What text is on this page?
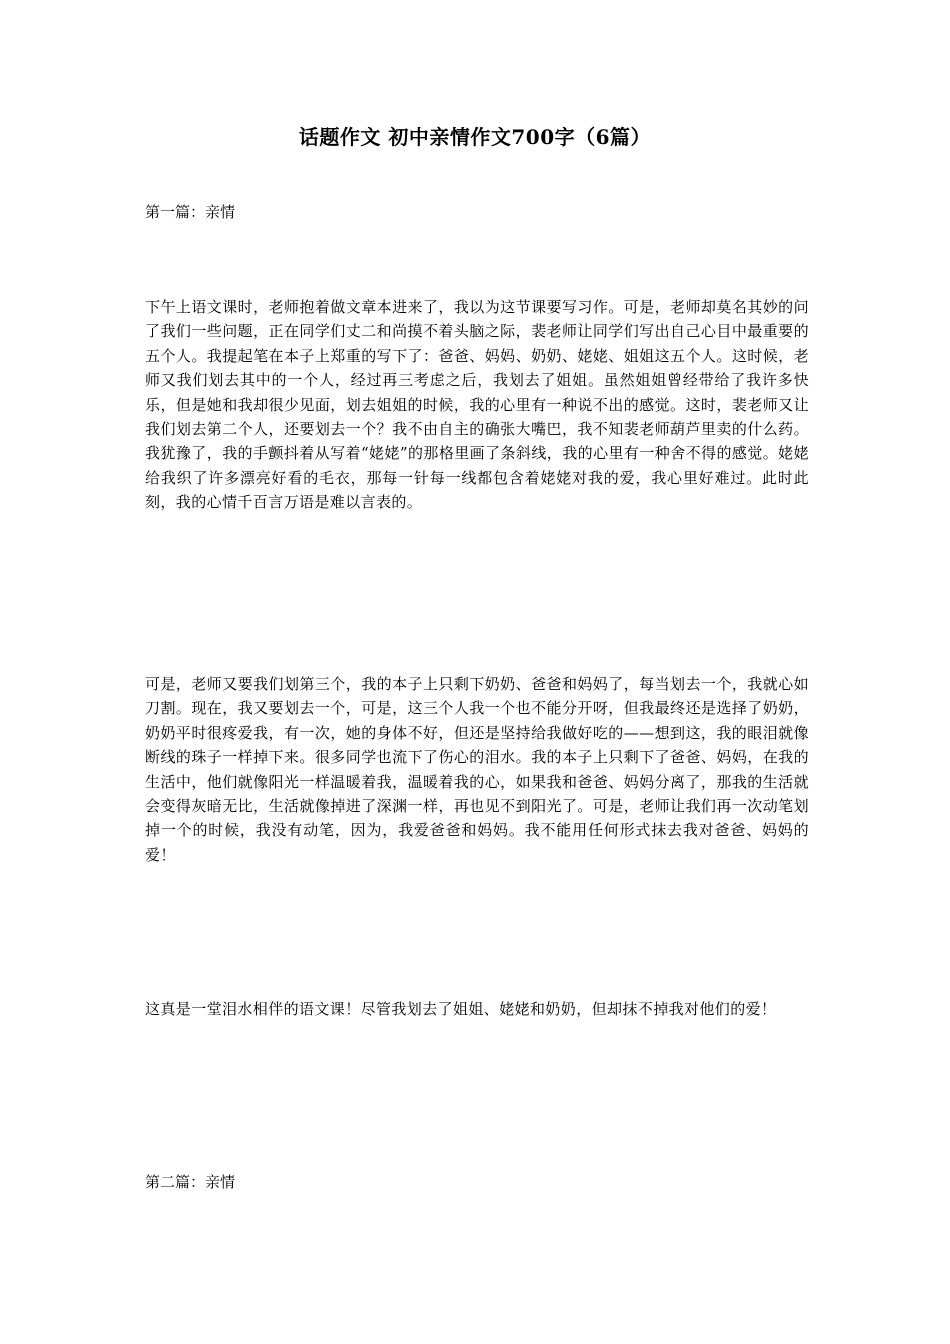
话题作文 初中亲情作文700字（6篇）
第一篇：亲情

下午上语文课时，老师抱着做文章本进来了，我以为这节课要写习作。可是，老师却莫名其妙的问了我们一些问题，正在同学们丈二和尚摸不着头脑之际，裴老师让同学们写出自己心目中最重要的五个人。我提起笔在本子上郑重的写下了：爸爸、妈妈、奶奶、姥姥、姐姐这五个人。这时候，老师又我们划去其中的一个人，经过再三考虑之后，我划去了姐姐。虽然姐姐曾经带给了我许多快乐，但是她和我却很少见面，划去姐姐的时候，我的心里有一种说不出的感觉。这时，裴老师又让我们划去第二个人，还要划去一个？我不由自主的确张大嘴巴，我不知裴老师葫芦里卖的什么药。我犹豫了，我的手颤抖着从写着“姥姥”的那格里画了条斜线，我的心里有一种舍不得的感觉。姥姥给我织了许多漂亮好看的毛衣，那每一针每一线都包含着姥姥对我的爱，我心里好难过。此时此刻，我的心情千百言万语是难以言表的。

可是，老师又要我们划第三个，我的本子上只剩下奶奶、爸爸和妈妈了，每当划去一个，我就心如刀割。现在，我又要划去一个，可是，这三个人我一个也不能分开呀，但我最终还是选择了奶奶，奶奶平时很疼爱我，有一次，她的身体不好，但还是坚持给我做好吃的——想到这，我的眼泪就像断线的珠子一样掉下来。很多同学也流下了伤心的泪水。我的本子上只剩下了爸爸、妈妈，在我的生活中，他们就像阳光一样温暖着我，温暖着我的心，如果我和爸爸、妈妈分离了，那我的生活就会变得灰暗无比，生活就像掉进了深渊一样，再也见不到阳光了。可是，老师让我们再一次动笔划掉一个的时候，我没有动笔，因为，我爱爸爸和妈妈。我不能用任何形式抹去我对爸爸、妈妈的爱！

这真是一堂泪水相伴的语文课！尽管我划去了姐姐、姥姥和奶奶，但却抹不掉我对他们的爱！

第二篇：亲情
